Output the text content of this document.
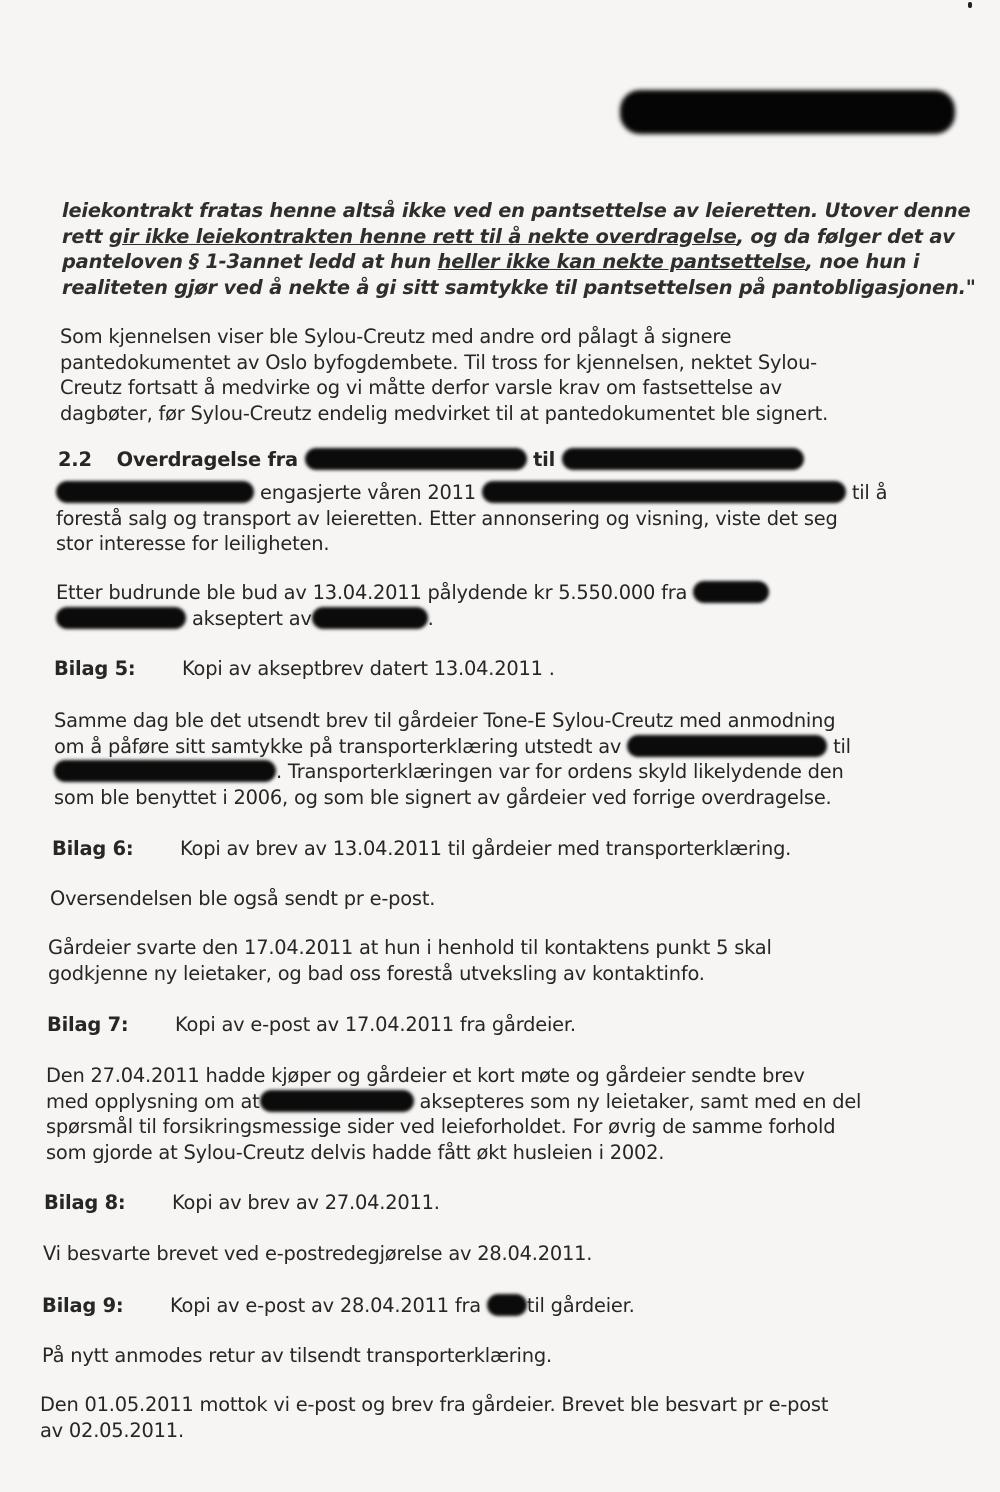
leiekontrakt fratas henne altså ikke ved en pantsettelse av leieretten. Utover denne
rett gir ikke leiekontrakten henne rett til å nekte overdragelse, og da følger det av
panteloven § 1-3annet ledd at hun heller ikke kan nekte pantsettelse, noe hun i
realiteten gjør ved å nekte å gi sitt samtykke til pantsettelsen på pantobligasjonen."
Som kjennelsen viser ble Sylou-Creutz med andre ord pålagt å signere
pantedokumentet av Oslo byfogdembete. Til tross for kjennelsen, nektet Sylou-
Creutz fortsatt å medvirke og vi måtte derfor varsle krav om fastsettelse av
dagbøter, før Sylou-Creutz endelig medvirket til at pantedokumentet ble signert.
2.2 Overdragelse fra	til
engasjerte våren 2011	til å
forestå salg og transport av leieretten. Etter annonsering og visning, viste det seg
stor interesse for leiligheten.
Etter budrunde ble bud av 13.04.2011 pålydende kr 5.550.000 fra
akseptert av	.
Bilag 5: Kopi av akseptbrev datert 13.04.2011 .
Samme dag ble det utsendt brev til gårdeier Tone-E Sylou-Creutz med anmodning
om å påføre sitt samtykke på transporterklæring utstedt av	til
. Transporterklæringen var for ordens skyld likelydende den
som ble benyttet i 2006, og som ble signert av gårdeier ved forrige overdragelse.
Bilag 6: Kopi av brev av 13.04.2011 til gårdeier med transporterklæring.
Oversendelsen ble også sendt pr e-post.
Gårdeier svarte den 17.04.2011 at hun i henhold til kontaktens punkt 5 skal
godkjenne ny leietaker, og bad oss forestå utveksling av kontaktinfo.
Bilag 7: Kopi av e-post av 17.04.2011 fra gårdeier.
Den 27.04.2011 hadde kjøper og gårdeier et kort møte og gårdeier sendte brev
med opplysning om at	aksepteres som ny leietaker, samt med en del
spørsmål til forsikringsmessige sider ved leieforholdet. For øvrig de samme forhold
som gjorde at Sylou-Creutz delvis hadde fått økt husleien i 2002.
Bilag 8: Kopi av brev av 27.04.2011.
Vi besvarte brevet ved e-postredegjørelse av 28.04.2011.
Bilag 9: Kopi av e-post av 28.04.2011 fra til gårdeier.
På nytt anmodes retur av tilsendt transporterklæring.
Den 01.05.2011 mottok vi e-post og brev fra gårdeier. Brevet ble besvart pr e-post
av 02.05.2011.
